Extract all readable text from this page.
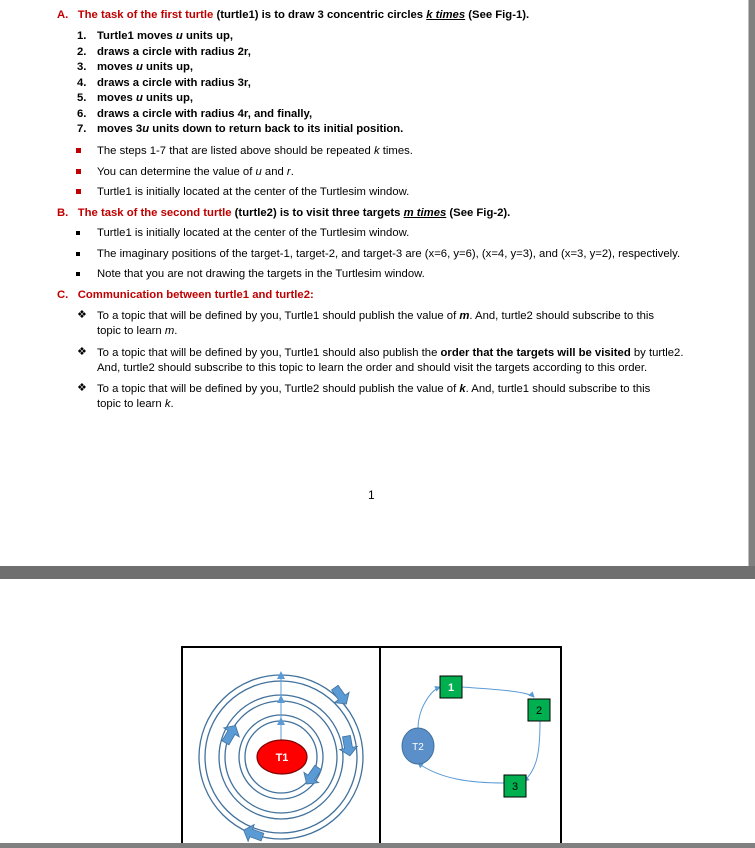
A. The task of the first turtle (turtle1) is to draw 3 concentric circles k times (See Fig-1).
1. Turtle1 moves u units up,
2. draws a circle with radius 2r,
3. moves u units up,
4. draws a circle with radius 3r,
5. moves u units up,
6. draws a circle with radius 4r, and finally,
7. moves 3u units down to return back to its initial position.
The steps 1-7 that are listed above should be repeated k times.
You can determine the value of u and r.
Turtle1 is initially located at the center of the Turtlesim window.
B. The task of the second turtle (turtle2) is to visit three targets m times (See Fig-2).
Turtle1 is initially located at the center of the Turtlesim window.
The imaginary positions of the target-1, target-2, and target-3 are (x=6, y=6), (x=4, y=3), and (x=3, y=2), respectively.
Note that you are not drawing the targets in the Turtlesim window.
C. Communication between turtle1 and turtle2:
❖ To a topic that will be defined by you, Turtle1 should publish the value of m. And, turtle2 should subscribe to this
topic to learn m.
❖ To a topic that will be defined by you, Turtle1 should also publish the order that the targets will be visited by turtle2.
And, turtle2 should subscribe to this topic to learn the order and should visit the targets according to this order.
❖ To a topic that will be defined by you, Turtle2 should publish the value of k. And, turtle1 should subscribe to this
topic to learn k.
1
T1
T2
1
2
3
